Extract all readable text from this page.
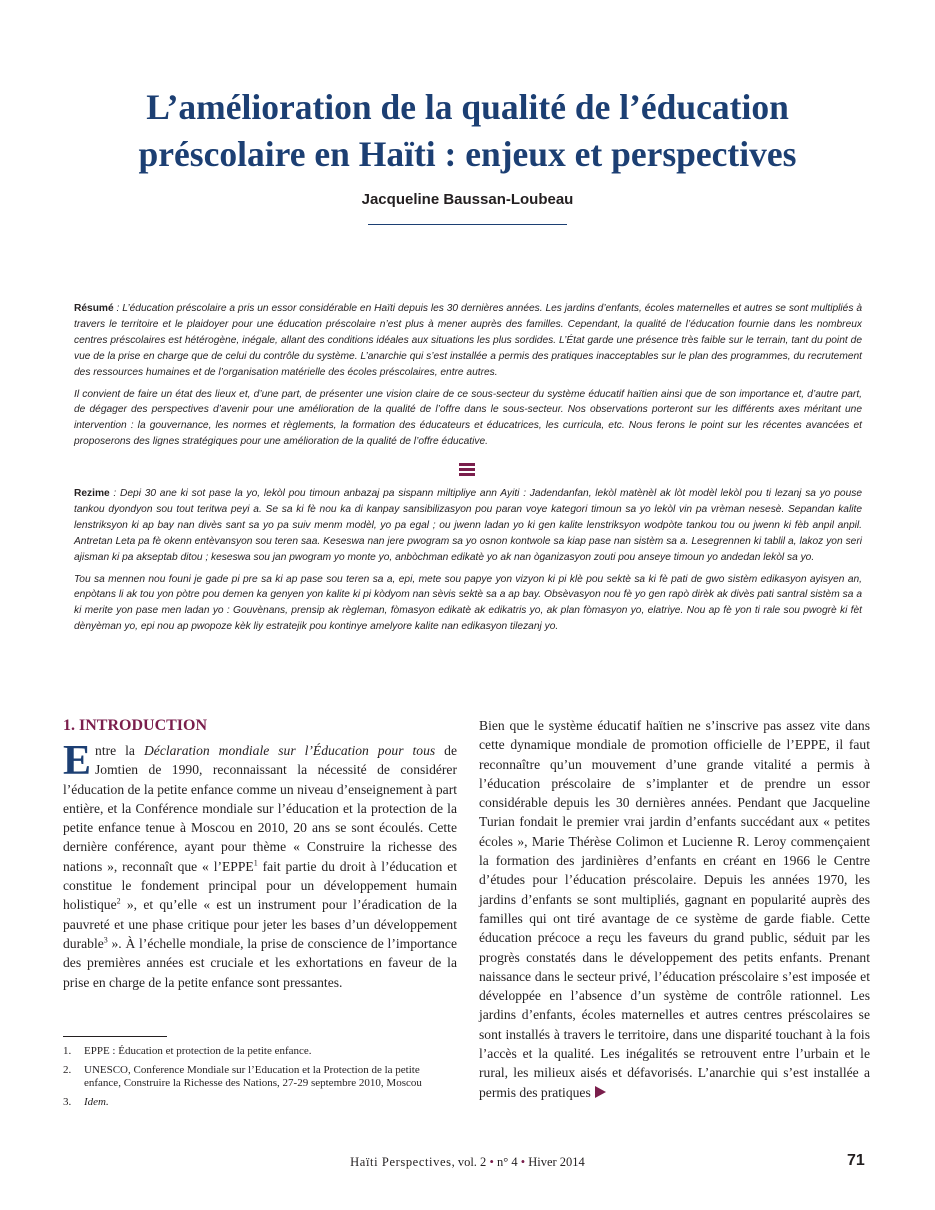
L’amélioration de la qualité de l’éducation
préscolaire en Haïti : enjeux et perspectives
Jacqueline Baussan-Loubeau

Résumé : L’éducation préscolaire a pris un essor considérable en Haïti depuis les 30 dernières années. Les jardins d’enfants, écoles maternelles et autres se sont multipliés à travers le territoire et le plaidoyer pour une éducation préscolaire n’est plus à mener auprès des familles. Cependant, la qualité de l’éducation fournie dans les nombreux centres préscolaires est hétérogène, inégale, allant des conditions idéales aux situations les plus sordides. L’État garde une présence très faible sur le terrain, tant du point de vue de la prise en charge que de celui du contrôle du système. L’anarchie qui s’est installée a permis des pratiques inacceptables sur le plan des programmes, du recrutement des ressources humaines et de l’organisation matérielle des écoles préscolaires, entre autres.

Il convient de faire un état des lieux et, d’une part, de présenter une vision claire de ce sous-secteur du système éducatif haïtien ainsi que de son importance et, d’autre part, de dégager des perspectives d’avenir pour une amélioration de la qualité de l’offre dans le sous-secteur. Nos observations porteront sur les différents axes méritant une intervention : la gouvernance, les normes et règlements, la formation des éducateurs et éducatrices, les curricula, etc. Nous ferons le point sur les récentes avancées et proposerons des lignes stratégiques pour une amélioration de la qualité de l’offre éducative.

Rezime : Depi 30 ane ki sot pase la yo, lekòl pou timoun anbazaj pa sispann miltipliye ann Ayiti : Jadendanfan, lekòl matènèl ak lòt modèl lekòl pou ti lezanj sa yo pouse tankou dyondyon sou tout teritwa peyi a. Se sa ki fè nou ka di kanpay sansibilizasyon pou paran voye kategori timoun sa yo lekòl vin pa vrèman nesesè. Sepandan kalite lenstriksyon ki ap bay nan divès sant sa yo pa suiv menm modèl, yo pa egal ; ou jwenn ladan yo ki gen kalite lenstriksyon wodpòte tankou tou ou jwenn ki fèb anpil anpil. Antretan Leta pa fè okenn entèvansyon sou teren saa. Keseswa nan jere pwogram sa yo osnon kontwole sa kiap pase nan sistèm sa a. Lesegrennen ki tablil a, lakoz yon seri ajisman ki pa akseptab ditou ; keseswa sou jan pwogram yo monte yo, anbòchman edikatè yo ak nan òganizasyon zouti pou anseye timoun yo andedan lekòl sa yo.

Tou sa mennen nou founi je gade pi pre sa ki ap pase sou teren sa a, epi, mete sou papye yon vizyon ki pi klè pou sektè sa ki fè pati de gwo sistèm edikasyon ayisyen an, enpòtans li ak tou yon pòtre pou demen ka genyen yon kalite ki pi kòdyom nan sèvis sektè sa a ap bay. Obsèvasyon nou fè yo gen rapò dirèk ak divès pati santral sistèm sa a ki merite yon pase men ladan yo : Gouvènans, prensip ak règleman, fòmasyon edikatè ak edikatris yo, ak plan fòmasyon yo, elatriye. Nou ap fè yon ti rale sou pwogrè ki fèt dènyèman yo, epi nou ap pwopoze kèk liy estratejik pou kontinye amelyore kalite nan edikasyon tilezanj yo.

1. INTRODUCTION

Entre la Déclaration mondiale sur l’Éducation pour tous de Jomtien de 1990, reconnaissant la nécessité de considérer l’éducation de la petite enfance comme un niveau d’enseignement à part entière, et la Conférence mondiale sur l’éducation et la protection de la petite enfance tenue à Moscou en 2010, 20 ans se sont écoulés. Cette dernière conférence, ayant pour thème « Construire la richesse des nations », reconnaît que « l’EPPE$^1$ fait partie du droit à l’éducation et constitue le fondement principal pour un développement humain holistique$^2$ », et qu’elle « est un instrument pour l’éradication de la pauvreté et une phase critique pour jeter les bases d’un développement durable$^3$ ». À l’échelle mondiale, la prise de conscience de l’importance des premières années est cruciale et les exhortations en faveur de la prise en charge de la petite enfance sont pressantes.

1.	EPPE : Éducation et protection de la petite enfance.
2.	UNESCO, Conference Mondiale sur l’Education et la Protection de la petite enfance, Construire la Richesse des Nations, 27-29 septembre 2010, Moscou
3.	Idem.

Bien que le système éducatif haïtien ne s’inscrive pas assez vite dans cette dynamique mondiale de promotion officielle de l’EPPE, il faut reconnaître qu’un mouvement d’une grande vitalité a permis à l’éducation préscolaire de s’implanter et de prendre un essor considérable depuis les 30 dernières années. Pendant que Jacqueline Turian fondait le premier vrai jardin d’enfants succédant aux « petites écoles », Marie Thérèse Colimon et Lucienne R. Leroy commençaient la formation des jardinières d’enfants en créant en 1966 le Centre d’études pour l’éducation préscolaire. Depuis les années 1970, les jardins d’enfants se sont multipliés, gagnant en popularité auprès des familles qui ont tiré avantage de ce système de garde fiable. Cette éducation précoce a reçu les faveurs du grand public, séduit par les progrès constatés dans le développement des petits enfants. Prenant naissance dans le secteur privé, l’éducation préscolaire s’est imposée et développée en l’absence d’un système de contrôle rationnel. Les jardins d’enfants, écoles maternelles et autres centres préscolaires se sont installés à travers le territoire, dans une disparité touchant à la fois l’accès et la qualité. Les inégalités se retrouvent entre l’urbain et le rural, les milieux aisés et défavorisés. L’anarchie qui s’est installée a permis des pratiques

Haïti Perspectives, vol. 2 • n° 4 • Hiver 2014	71
